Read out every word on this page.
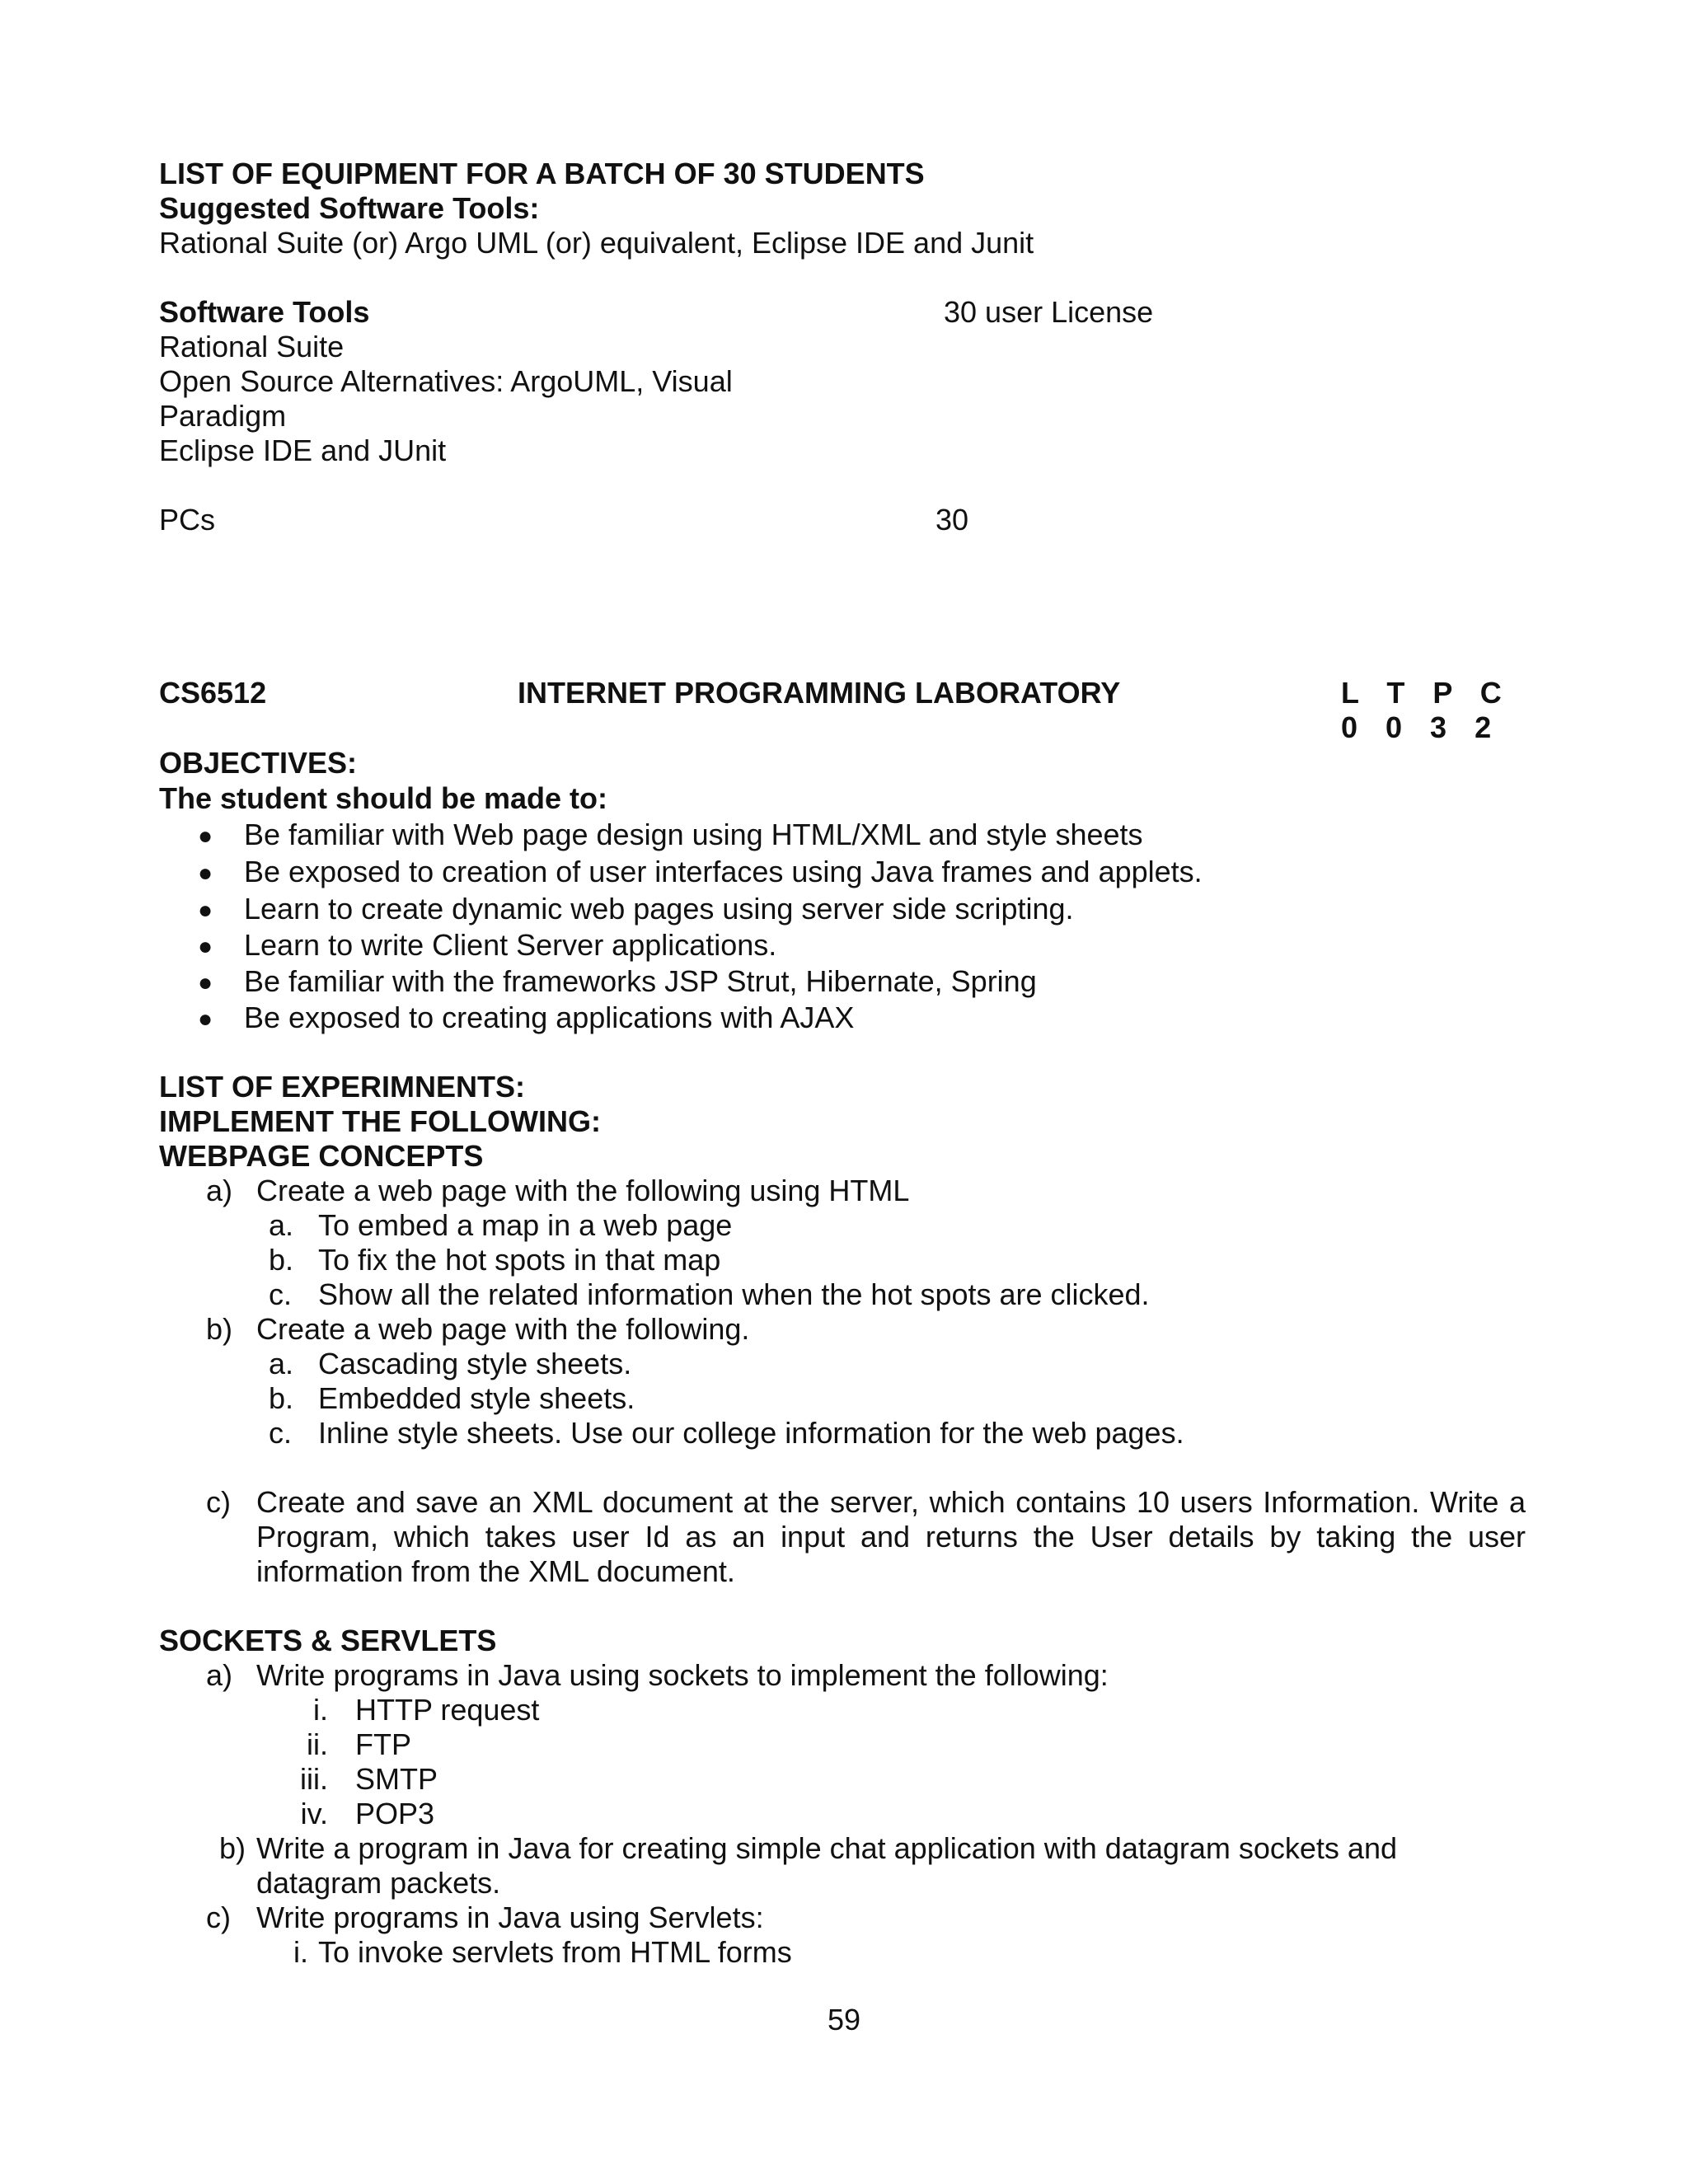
LIST OF EQUIPMENT FOR A BATCH OF 30 STUDENTS
Suggested Software Tools:
Rational Suite (or) Argo UML (or) equivalent, Eclipse IDE and Junit
Software Tools	30 user License
Rational Suite
Open Source Alternatives: ArgoUML, Visual
Paradigm
Eclipse IDE and JUnit
PCs	30
CS6512	INTERNET PROGRAMMING LABORATORY	L T P C
0 0 3 2
OBJECTIVES:
The student should be made to:
● Be familiar with Web page design using HTML/XML and style sheets
● Be exposed to creation of user interfaces using Java frames and applets.
● Learn to create dynamic web pages using server side scripting.
● Learn to write Client Server applications.
● Be familiar with the frameworks JSP Strut, Hibernate, Spring
● Be exposed to creating applications with AJAX
LIST OF EXPERIMNENTS:
IMPLEMENT THE FOLLOWING:
WEBPAGE CONCEPTS
a) Create a web page with the following using HTML
a. To embed a map in a web page
b. To fix the hot spots in that map
c. Show all the related information when the hot spots are clicked.
b) Create a web page with the following.
a. Cascading style sheets.
b. Embedded style sheets.
c. Inline style sheets. Use our college information for the web pages.
c) Create and save an XML document at the server, which contains 10 users Information. Write a
Program, which takes user Id as an input and returns the User details by taking the user
information from the XML document.
SOCKETS & SERVLETS
a) Write programs in Java using sockets to implement the following:
i. HTTP request
ii. FTP
iii. SMTP
iv. POP3
b) Write a program in Java for creating simple chat application with datagram sockets and
datagram packets.
c) Write programs in Java using Servlets:
i. To invoke servlets from HTML forms
59
